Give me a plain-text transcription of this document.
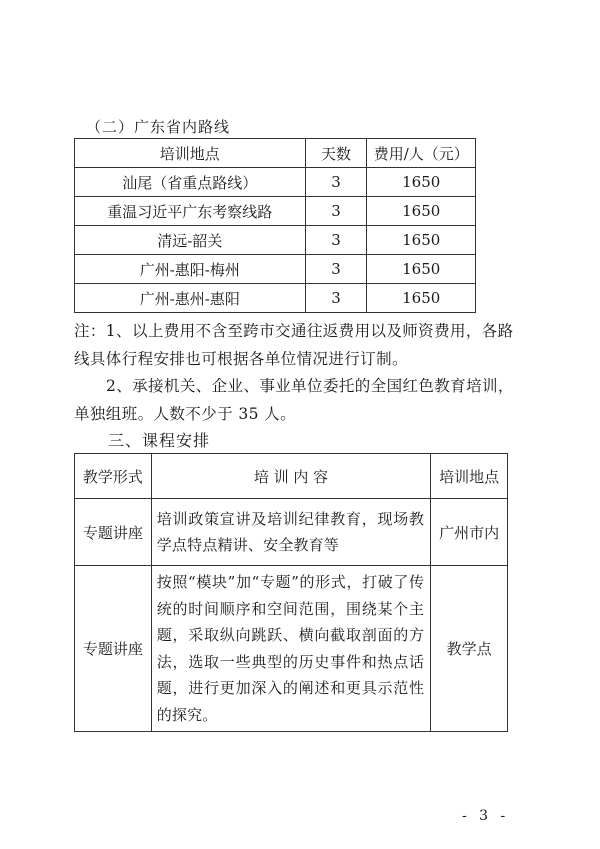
（二）广东省内路线
培训地点	天数	费用/人（元）
汕尾（省重点路线）	3	1650
重温习近平广东考察线路	3	1650
清远-韶关	3	1650
广州-惠阳-梅州	3	1650
广州-惠州-惠阳	3	1650
注：1、以上费用不含至跨市交通往返费用以及师资费用，各路线具体行程安排也可根据各单位情况进行订制。
2、承接机关、企业、事业单位委托的全国红色教育培训，
单独组班。人数不少于 35 人。
三、课程安排
教学形式	培 训 内 容	培训地点
专题讲座	培训政策宣讲及培训纪律教育，现场教学点特点精讲、安全教育等	广州市内
专题讲座	按照“模块”加“专题”的形式，打破了传统的时间顺序和空间范围，围绕某个主题，采取纵向跳跃、横向截取剖面的方法，选取一些典型的历史事件和热点话题，进行更加深入的阐述和更具示范性的探究。	教学点
- 3 -
